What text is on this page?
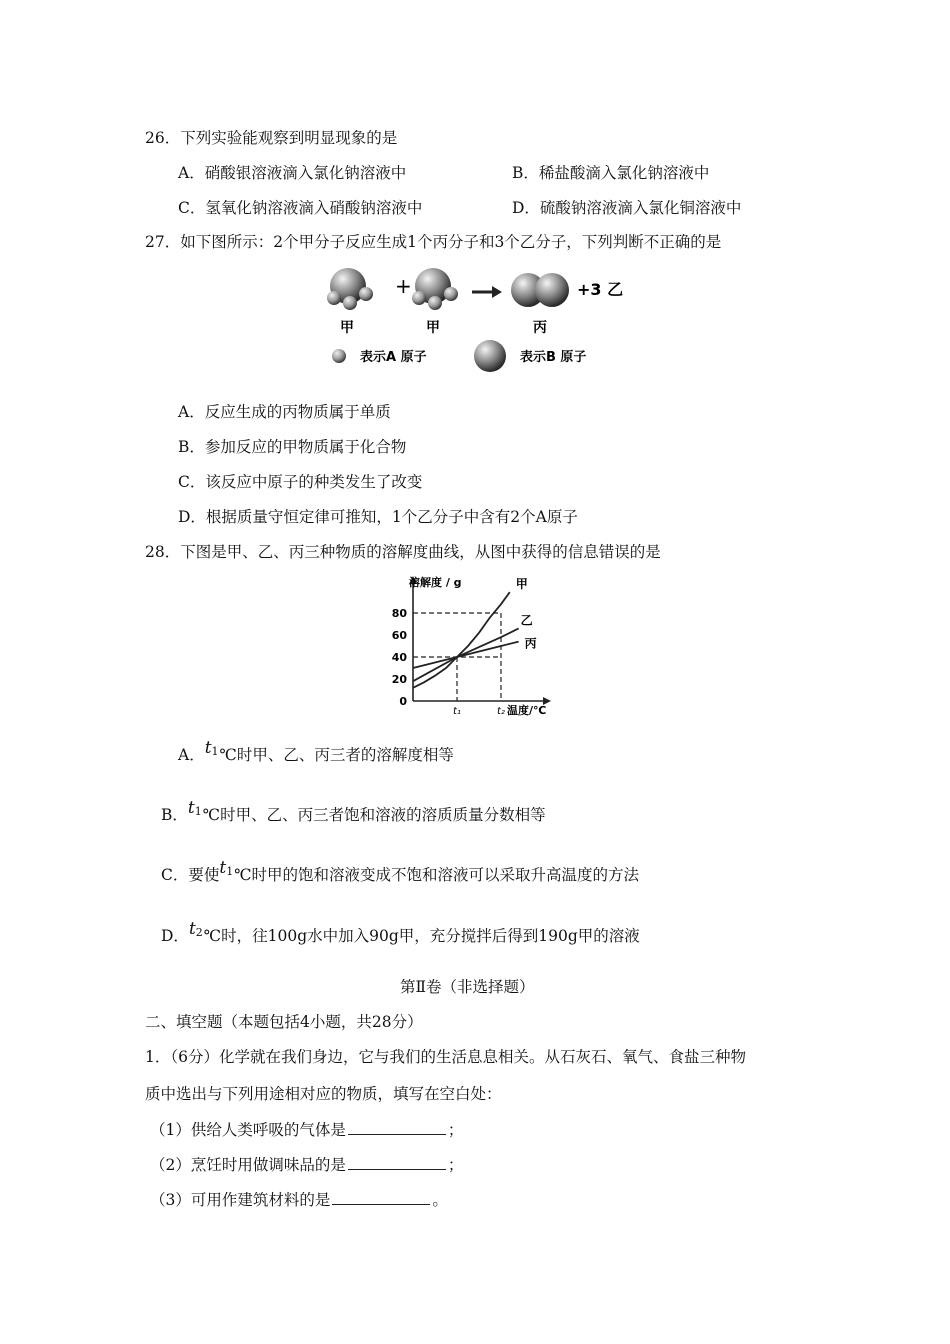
26．下列实验能观察到明显现象的是
A．硝酸银溶液滴入氯化钠溶液中	B．稀盐酸滴入氯化钠溶液中
C．氢氧化钠溶液滴入硝酸钠溶液中	D．硫酸钠溶液滴入氯化铜溶液中
27．如下图所示：2个甲分子反应生成1个丙分子和3个乙分子，下列判断不正确的是
+	+3 乙
甲	甲	丙
表示A 原子	表示B 原子
A．反应生成的丙物质属于单质
B．参加反应的甲物质属于化合物
C．该反应中原子的种类发生了改变
D．根据质量守恒定律可推知，1个乙分子中含有2个A原子
28．下图是甲、乙、丙三种物质的溶解度曲线，从图中获得的信息错误的是
溶解度 / g
0
20
40
60
80
t₁	t₂ 温度/℃
甲
乙
丙
A．$t^1℃$时甲、乙、丙三者的溶解度相等
B．$t^1℃$时甲、乙、丙三者饱和溶液的溶质质量分数相等
C．要使$t^1℃$时甲的饱和溶液变成不饱和溶液可以采取升高温度的方法
D．$t^2℃$时，往100g水中加入90g甲，充分搅拌后得到190g甲的溶液
第Ⅱ卷（非选择题）
二、填空题（本题包括4小题，共28分）
1．（6分）化学就在我们身边，它与我们的生活息息相关。从石灰石、氧气、食盐三种物
质中选出与下列用途相对应的物质，填写在空白处：
（1）供给人类呼吸的气体是	；
（2）烹饪时用做调味品的是	；
（3）可用作建筑材料的是	。
